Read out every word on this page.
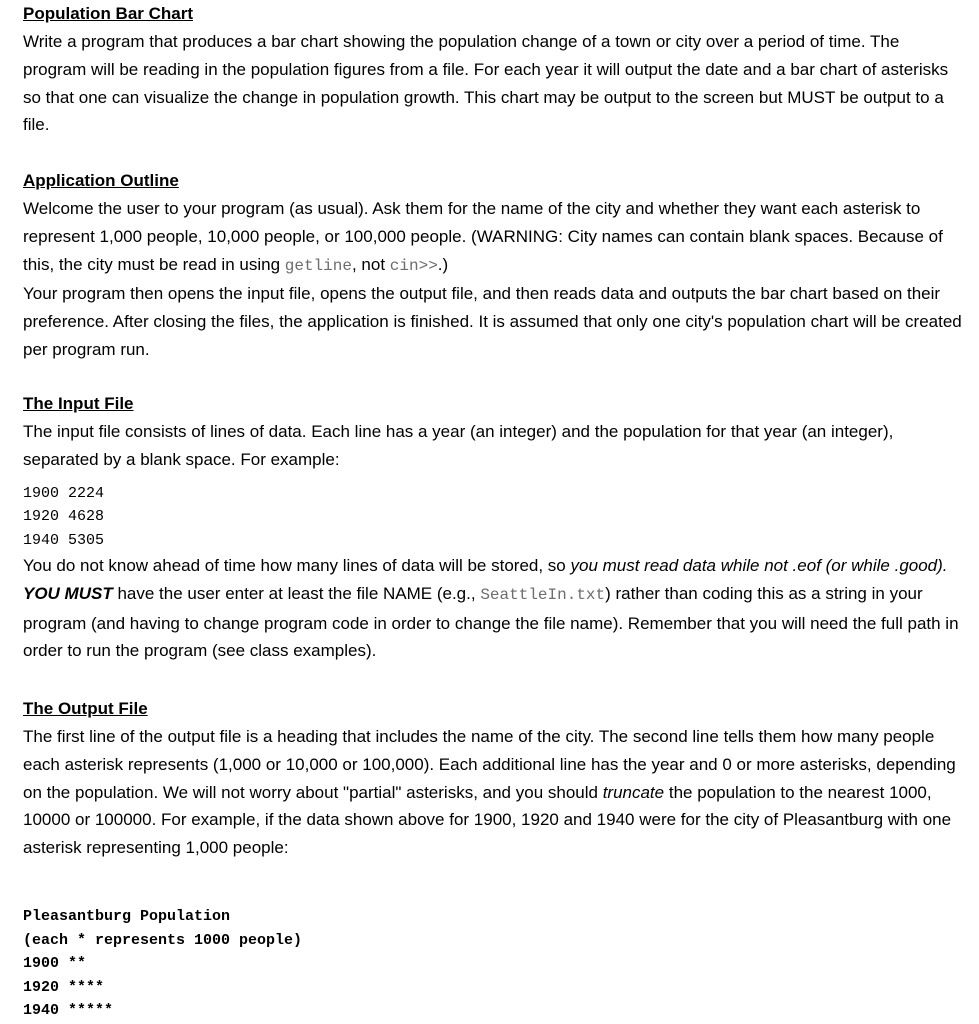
Population Bar Chart

Write a program that produces a bar chart showing the population change of a town or city over a period of time. The program will be reading in the population figures from a file. For each year it will output the date and a bar chart of asterisks so that one can visualize the change in population growth. This chart may be output to the screen but MUST be output to a file.

Application Outline

Welcome the user to your program (as usual). Ask them for the name of the city and whether they want each asterisk to represent 1,000 people, 10,000 people, or 100,000 people. (WARNING: City names can contain blank spaces. Because of this, the city must be read in using getline, not cin>>.)

Your program then opens the input file, opens the output file, and then reads data and outputs the bar chart based on their preference. After closing the files, the application is finished. It is assumed that only one city's population chart will be created per program run.

The Input File

The input file consists of lines of data. Each line has a year (an integer) and the population for that year (an integer), separated by a blank space. For example:

1900 2224
1920 4628
1940 5305

You do not know ahead of time how many lines of data will be stored, so you must read data while not .eof (or while .good). YOU MUST have the user enter at least the file NAME (e.g., SeattleIn.txt) rather than coding this as a string in your program (and having to change program code in order to change the file name). Remember that you will need the full path in order to run the program (see class examples).

The Output File

The first line of the output file is a heading that includes the name of the city. The second line tells them how many people each asterisk represents (1,000 or 10,000 or 100,000). Each additional line has the year and 0 or more asterisks, depending on the population. We will not worry about "partial" asterisks, and you should truncate the population to the nearest 1000, 10000 or 100000. For example, if the data shown above for 1900, 1920 and 1940 were for the city of Pleasantburg with one asterisk representing 1,000 people:

Pleasantburg Population
(each * represents 1000 people)
1900 **
1920 ****
1940 *****
